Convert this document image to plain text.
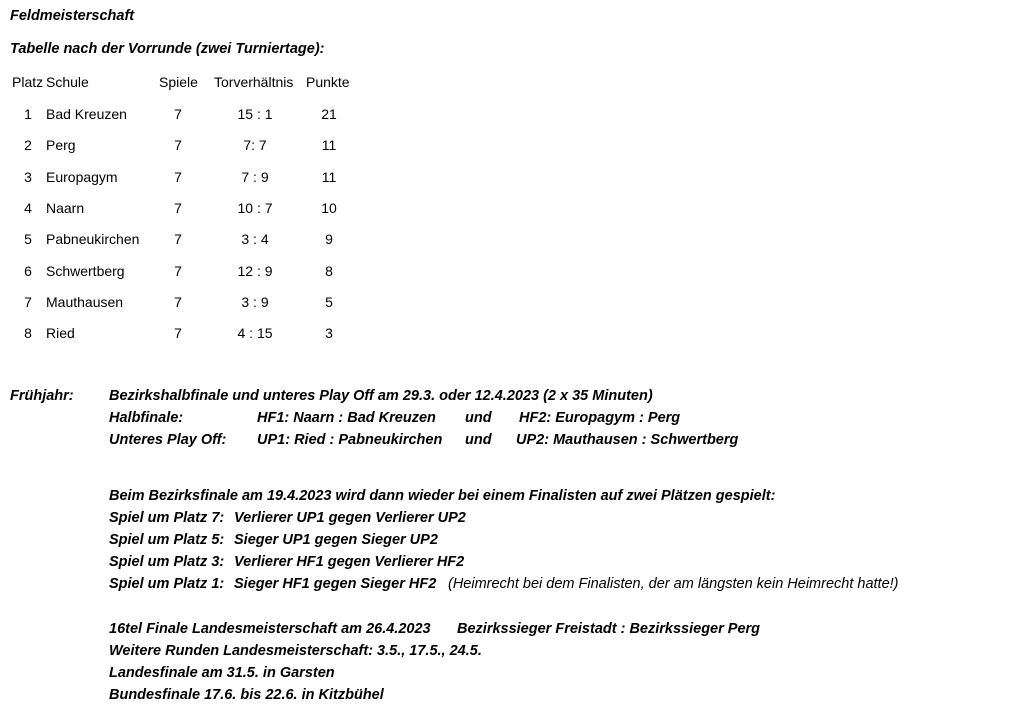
Feldmeisterschaft
Tabelle nach der Vorrunde (zwei Turniertage):
Platz Schule	Spiele Torverhältnis Punkte
1 Bad Kreuzen	7	15 : 1	21
2 Perg	7	7: 7	11
3 Europagym	7	7 : 9	11
4 Naarn	7	10 : 7	10
5 Pabneukirchen	7	3 : 4	9
6 Schwertberg	7	12 : 9	8
7 Mauthausen	7	3 : 9	5
8 Ried	7	4 : 15	3
Frühjahr: Bezirkshalbfinale und unteres Play Off am 29.3. oder 12.4.2023 (2 x 35 Minuten)
Halbfinale:	HF1: Naarn : Bad Kreuzen und HF2: Europagym : Perg
Unteres Play Off: UP1: Ried : Pabneukirchen und UP2: Mauthausen : Schwertberg
Beim Bezirksfinale am 19.4.2023 wird dann wieder bei einem Finalisten auf zwei Plätzen gespielt:
Spiel um Platz 7: Verlierer UP1 gegen Verlierer UP2
Spiel um Platz 5: Sieger UP1 gegen Sieger UP2
Spiel um Platz 3: Verlierer HF1 gegen Verlierer HF2
Spiel um Platz 1: Sieger HF1 gegen Sieger HF2 (Heimrecht bei dem Finalisten, der am längsten kein Heimrecht hatte!)
16tel Finale Landesmeisterschaft am 26.4.2023 Bezirkssieger Freistadt : Bezirkssieger Perg
Weitere Runden Landesmeisterschaft: 3.5., 17.5., 24.5.
Landesfinale am 31.5. in Garsten
Bundesfinale 17.6. bis 22.6. in Kitzbühel
